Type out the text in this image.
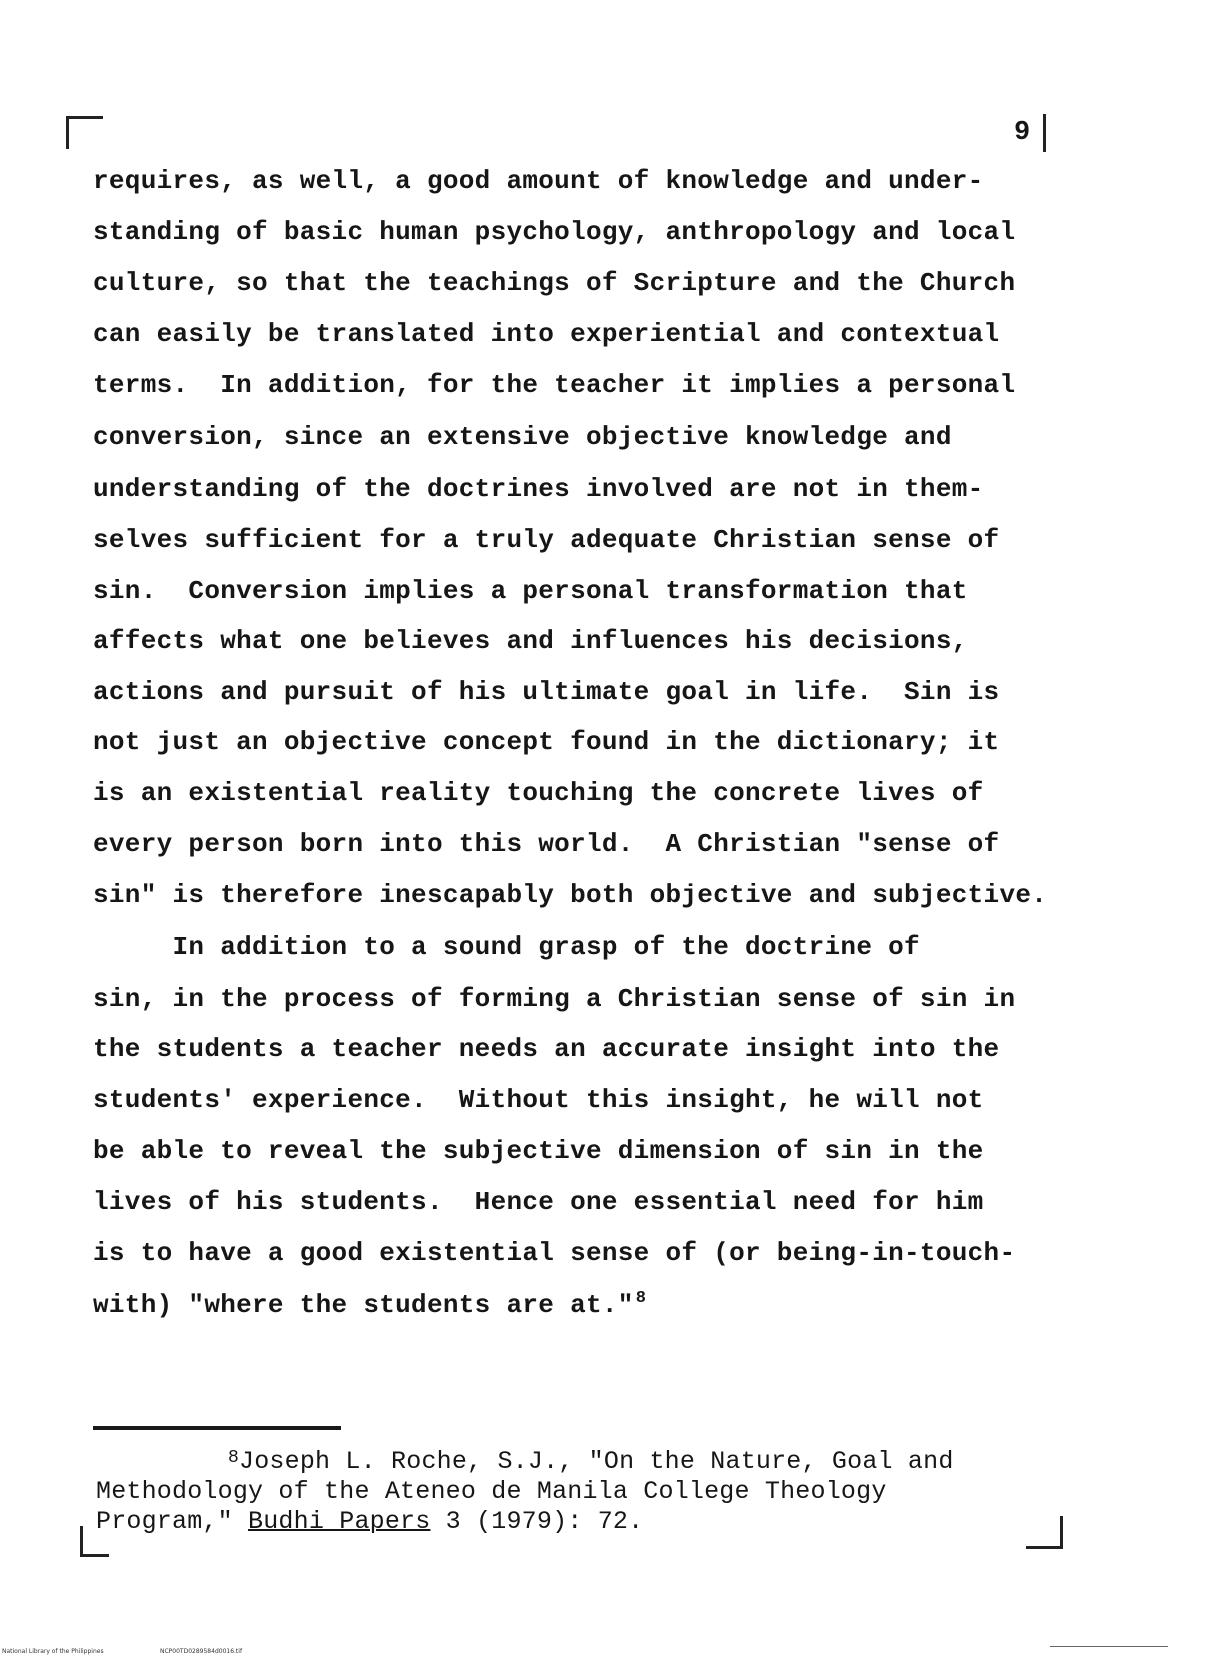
9
requires, as well, a good amount of knowledge and under-
standing of basic human psychology, anthropology and local
culture, so that the teachings of Scripture and the Church
can easily be translated into experiential and contextual
terms.  In addition, for the teacher it implies a personal
conversion, since an extensive objective knowledge and
understanding of the doctrines involved are not in them-
selves sufficient for a truly adequate Christian sense of
sin.  Conversion implies a personal transformation that
affects what one believes and influences his decisions,
actions and pursuit of his ultimate goal in life.  Sin is
not just an objective concept found in the dictionary; it
is an existential reality touching the concrete lives of
every person born into this world.  A Christian "sense of
sin" is therefore inescapably both objective and subjective.
In addition to a sound grasp of the doctrine of
sin, in the process of forming a Christian sense of sin in
the students a teacher needs an accurate insight into the
students' experience.  Without this insight, he will not
be able to reveal the subjective dimension of sin in the
lives of his students.  Hence one essential need for him
is to have a good existential sense of (or being-in-touch-
with) "where the students are at." $^8$
$^8$Joseph L. Roche, S.J., "On the Nature, Goal and
Methodology of the Ateneo de Manila College Theology
Program," Budhi Papers 3 (1979): 72.
National Library of the Philippines	NCP00TD0289584d0016.tif
